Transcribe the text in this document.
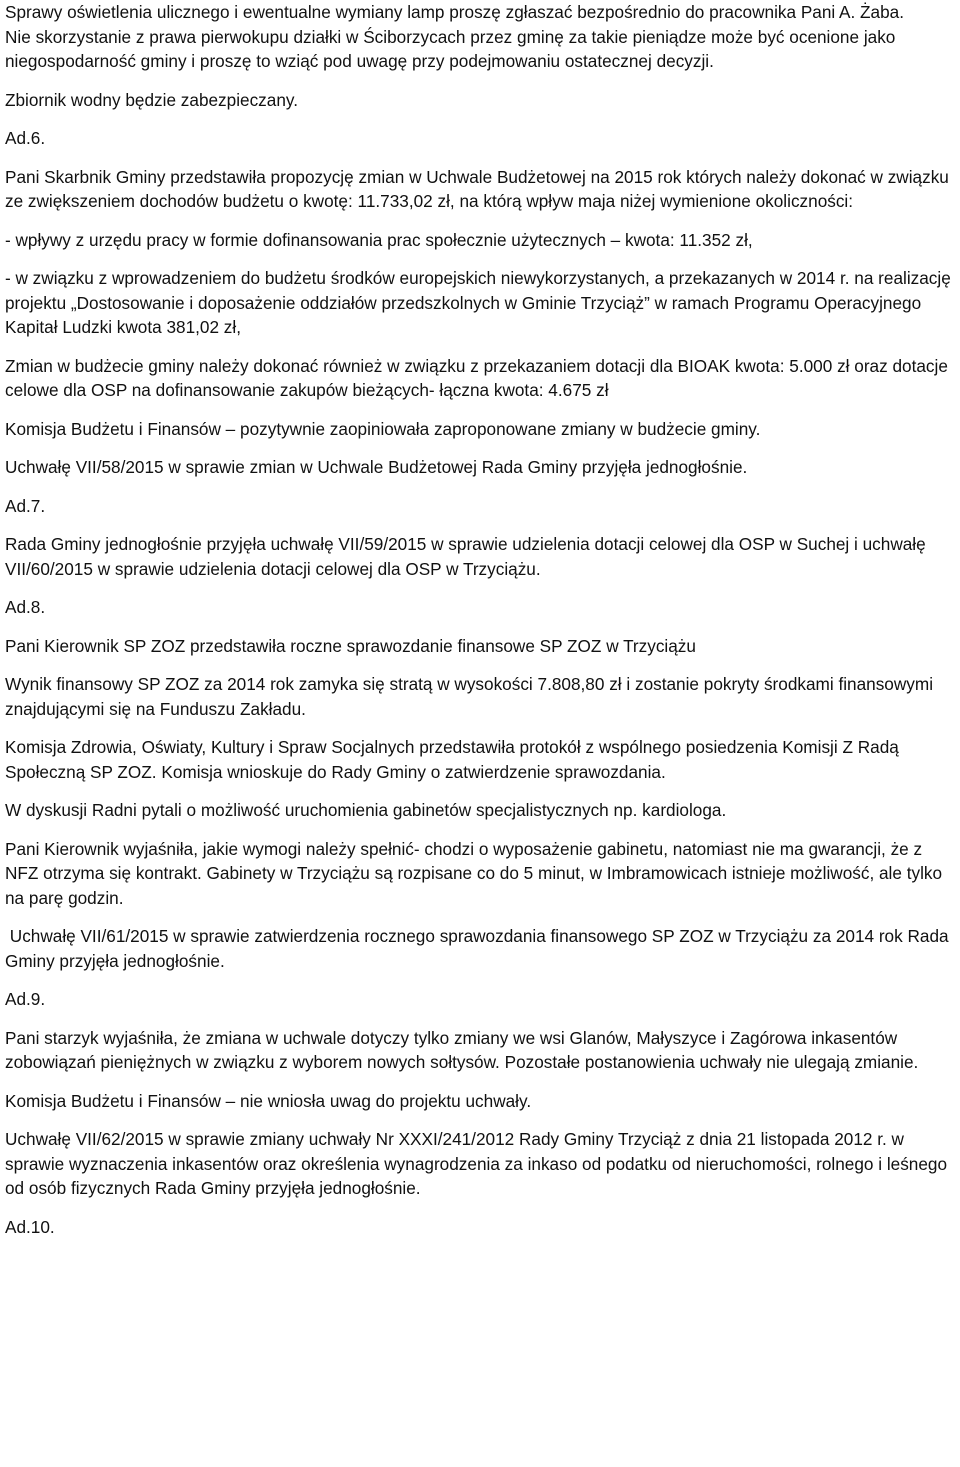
Sprawy oświetlenia ulicznego i ewentualne wymiany lamp proszę zgłaszać bezpośrednio do pracownika Pani A. Żaba.

Nie skorzystanie z prawa pierwokupu działki w Ściborzycach przez gminę za takie pieniądze może być ocenione jako niegospodarność gminy i proszę to wziąć pod uwagę przy podejmowaniu ostatecznej decyzji.

Zbiornik wodny będzie zabezpieczany.

Ad.6.

Pani Skarbnik Gminy przedstawiła propozycję zmian w Uchwale Budżetowej na 2015 rok których należy dokonać w związku ze zwiększeniem dochodów budżetu o kwotę: 11.733,02 zł, na którą wpływ maja niżej wymienione okoliczności:

- wpływy z urzędu pracy w formie dofinansowania prac społecznie użytecznych – kwota: 11.352 zł,

- w związku z wprowadzeniem do budżetu środków europejskich niewykorzystanych, a przekazanych w 2014 r. na realizację projektu „Dostosowanie i doposażenie oddziałów przedszkolnych w Gminie Trzyciąż” w ramach Programu Operacyjnego Kapitał Ludzki kwota 381,02 zł,

Zmian w budżecie gminy należy dokonać również w związku z przekazaniem dotacji dla BIOAK kwota: 5.000 zł oraz dotacje celowe dla OSP na dofinansowanie zakupów bieżących- łączna kwota: 4.675 zł

Komisja Budżetu i Finansów – pozytywnie zaopiniowała zaproponowane zmiany w budżecie gminy.

Uchwałę VII/58/2015 w sprawie zmian w Uchwale Budżetowej Rada Gminy przyjęła jednogłośnie.

Ad.7.

Rada Gminy jednogłośnie przyjęła uchwałę VII/59/2015 w sprawie udzielenia dotacji celowej dla OSP w Suchej i uchwałę VII/60/2015 w sprawie udzielenia dotacji celowej dla OSP w Trzyciążu.

Ad.8.

Pani Kierownik SP ZOZ przedstawiła roczne sprawozdanie finansowe SP ZOZ w Trzyciążu

Wynik finansowy SP ZOZ za 2014 rok zamyka się stratą w wysokości 7.808,80 zł i zostanie pokryty środkami finansowymi znajdującymi się na Funduszu Zakładu.

Komisja Zdrowia, Oświaty, Kultury i Spraw Socjalnych przedstawiła protokół z wspólnego posiedzenia Komisji Z Radą Społeczną SP ZOZ. Komisja wnioskuje do Rady Gminy o zatwierdzenie sprawozdania.

W dyskusji Radni pytali o możliwość uruchomienia gabinetów specjalistycznych np. kardiologa.

Pani Kierownik wyjaśniła, jakie wymogi należy spełnić- chodzi o wyposażenie gabinetu, natomiast nie ma gwarancji, że z NFZ otrzyma się kontrakt. Gabinety w Trzyciążu są rozpisane co do 5 minut, w Imbramowicach istnieje możliwość, ale tylko na parę godzin.

Uchwałę VII/61/2015 w sprawie zatwierdzenia rocznego sprawozdania finansowego SP ZOZ w Trzyciążu za 2014 rok Rada Gminy przyjęła jednogłośnie.

Ad.9.

Pani starzyk wyjaśniła, że zmiana w uchwale dotyczy tylko zmiany we wsi Glanów, Małyszyce i Zagórowa inkasentów zobowiązań pieniężnych w związku z wyborem nowych sołtysów. Pozostałe postanowienia uchwały nie ulegają zmianie.

Komisja Budżetu i Finansów – nie wniosła uwag do projektu uchwały.

Uchwałę VII/62/2015 w sprawie zmiany uchwały Nr XXXI/241/2012 Rady Gminy Trzyciąż z dnia 21 listopada 2012 r. w sprawie wyznaczenia inkasentów oraz określenia wynagrodzenia za inkaso od podatku od nieruchomości, rolnego i leśnego od osób fizycznych Rada Gminy przyjęła jednogłośnie.

Ad.10.
